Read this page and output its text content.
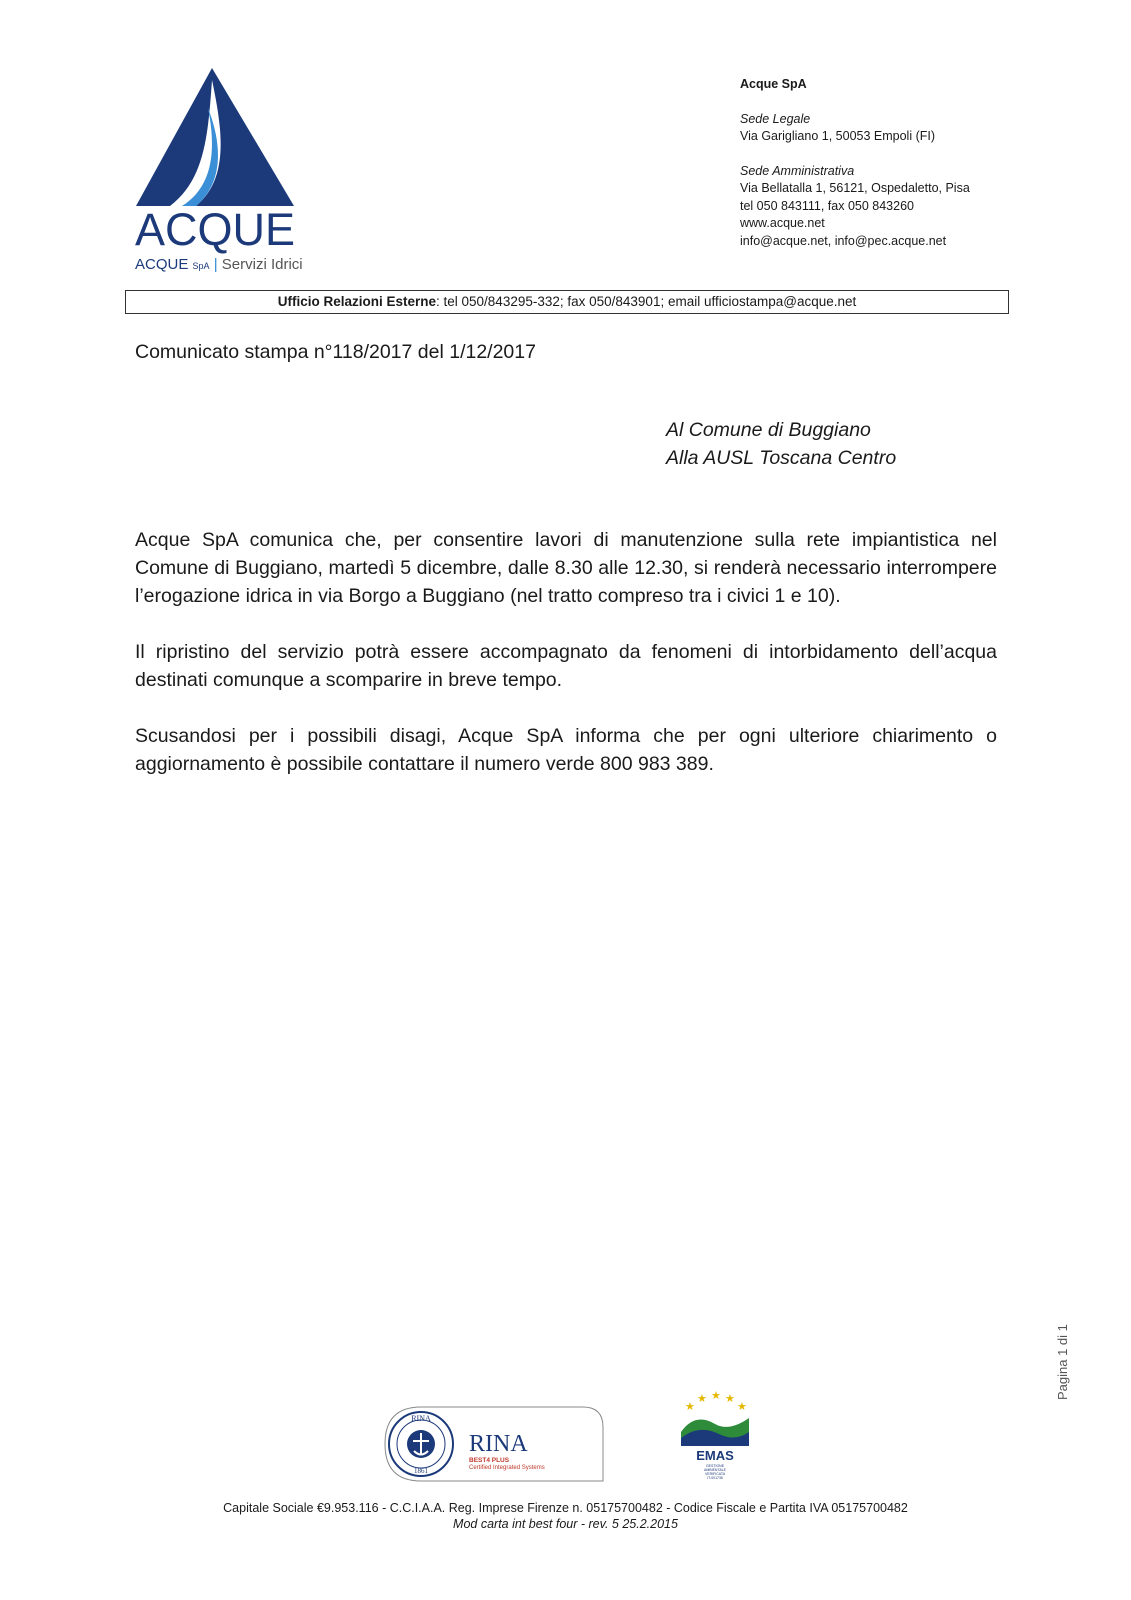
ACQUE
ACQUE SpA | Servizi Idrici
Acque SpA
Sede Legale
Via Garigliano 1, 50053 Empoli (FI)
Sede Amministrativa
Via Bellatalla 1, 56121, Ospedaletto, Pisa
tel 050 843111, fax 050 843260
www.acque.net
info@acque.net, info@pec.acque.net
Ufficio Relazioni Esterne: tel 050/843295-332; fax 050/843901; email ufficiostampa@acque.net
Comunicato stampa n°118/2017 del 1/12/2017
Al Comune di Buggiano
Alla AUSL Toscana Centro

Acque SpA comunica che, per consentire lavori di manutenzione sulla rete impiantistica nel Comune di Buggiano, martedì 5 dicembre, dalle 8.30 alle 12.30, si renderà necessario interrompere l’erogazione idrica in via Borgo a Buggiano (nel tratto compreso tra i civici 1 e 10).

Il ripristino del servizio potrà essere accompagnato da fenomeni di intorbidamento dell’acqua destinati comunque a scomparire in breve tempo.

Scusandosi per i possibili disagi, Acque SpA informa che per ogni ulteriore chiarimento o aggiornamento è possibile contattare il numero verde 800 983 389.

Pagina 1 di 1
RINA
1861
RINA
BEST4 PLUS
Certified Integrated Systems
★
★ ★ ★
★
EMAS
GESTIONE
AMBIENTALE
VERIFICATA
IT-001735
Capitale Sociale €9.953.116 - C.C.I.A.A. Reg. Imprese Firenze n. 05175700482 - Codice Fiscale e Partita IVA 05175700482
Mod carta int best four - rev. 5 25.2.2015
